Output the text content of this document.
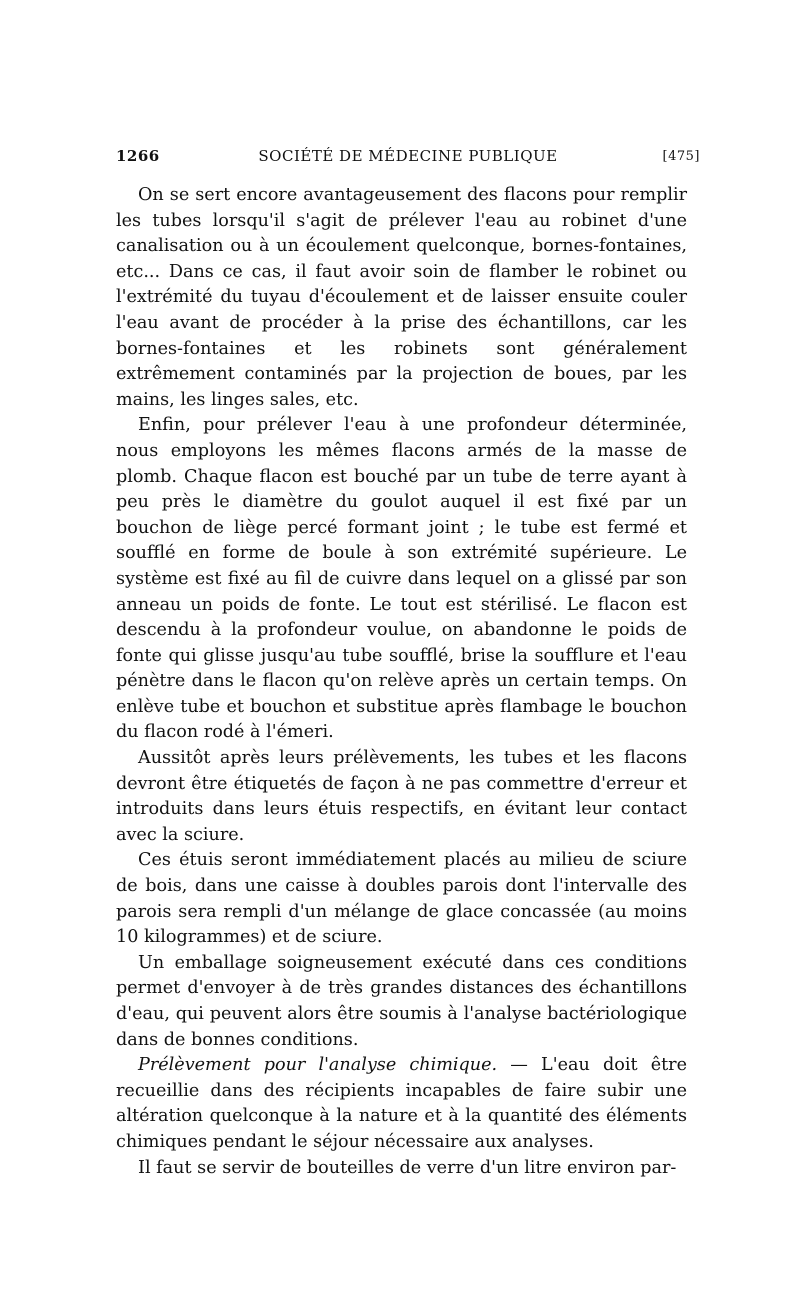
1266	SOCIÉTÉ DE MÉDECINE PUBLIQUE	[475]

On se sert encore avantageusement des flacons pour remplir les tubes lorsqu'il s'agit de prélever l'eau au robinet d'une canalisation ou à un écoulement quelconque, bornes-fontaines, etc... Dans ce cas, il faut avoir soin de flamber le robinet ou l'extrémité du tuyau d'écoulement et de laisser ensuite couler l'eau avant de procéder à la prise des échantillons, car les bornes-fontaines et les robinets sont généralement extrêmement contaminés par la projection de boues, par les mains, les linges sales, etc.

Enfin, pour prélever l'eau à une profondeur déterminée, nous employons les mêmes flacons armés de la masse de plomb. Chaque flacon est bouché par un tube de terre ayant à peu près le diamètre du goulot auquel il est fixé par un bouchon de liège percé formant joint ; le tube est fermé et soufflé en forme de boule à son extrémité supérieure. Le système est fixé au fil de cuivre dans lequel on a glissé par son anneau un poids de fonte. Le tout est stérilisé. Le flacon est descendu à la profondeur voulue, on abandonne le poids de fonte qui glisse jusqu'au tube soufflé, brise la soufflure et l'eau pénètre dans le flacon qu'on relève après un certain temps. On enlève tube et bouchon et substitue après flambage le bouchon du flacon rodé à l'émeri.

Aussitôt après leurs prélèvements, les tubes et les flacons devront être étiquetés de façon à ne pas commettre d'erreur et introduits dans leurs étuis respectifs, en évitant leur contact avec la sciure.

Ces étuis seront immédiatement placés au milieu de sciure de bois, dans une caisse à doubles parois dont l'intervalle des parois sera rempli d'un mélange de glace concassée (au moins 10 kilogrammes) et de sciure.

Un emballage soigneusement exécuté dans ces conditions permet d'envoyer à de très grandes distances des échantillons d'eau, qui peuvent alors être soumis à l'analyse bactériologique dans de bonnes conditions.

Prélèvement pour l'analyse chimique. — L'eau doit être recueillie dans des récipients incapables de faire subir une altération quelconque à la nature et à la quantité des éléments chimiques pendant le séjour nécessaire aux analyses.

Il faut se servir de bouteilles de verre d'un litre environ par-
